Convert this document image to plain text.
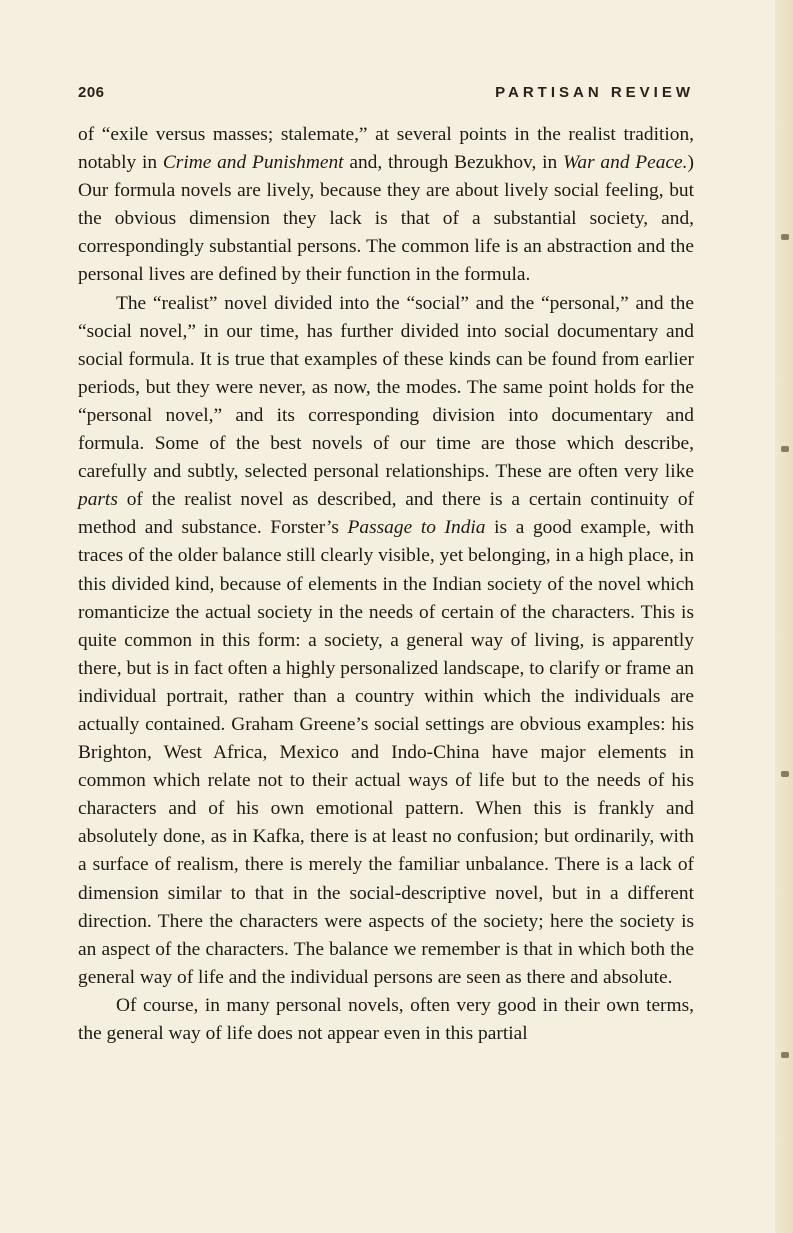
206	PARTISAN REVIEW

of “exile versus masses; stalemate,” at several points in the realist tradition, notably in Crime and Punishment and, through Bezukhov, in War and Peace.) Our formula novels are lively, because they are about lively social feeling, but the obvious dimension they lack is that of a substantial society, and, correspondingly substantial persons. The common life is an abstraction and the personal lives are defined by their function in the formula.

The “realist” novel divided into the “social” and the “personal,” and the “social novel,” in our time, has further divided into social documentary and social formula. It is true that examples of these kinds can be found from earlier periods, but they were never, as now, the modes. The same point holds for the “personal novel,” and its corresponding division into documentary and formula. Some of the best novels of our time are those which describe, carefully and subtly, selected personal relationships. These are often very like parts of the realist novel as described, and there is a certain continuity of method and substance. Forster’s Passage to India is a good example, with traces of the older balance still clearly visible, yet belonging, in a high place, in this divided kind, because of elements in the Indian society of the novel which romanticize the actual society in the needs of certain of the characters. This is quite common in this form: a society, a general way of living, is apparently there, but is in fact often a highly personalized landscape, to clarify or frame an individual portrait, rather than a country within which the individuals are actually contained. Graham Greene’s social settings are obvious examples: his Brighton, West Africa, Mexico and Indo-China have major elements in common which relate not to their actual ways of life but to the needs of his characters and of his own emotional pattern. When this is frankly and absolutely done, as in Kafka, there is at least no confusion; but ordinarily, with a surface of realism, there is merely the familiar unbalance. There is a lack of dimension similar to that in the social-descriptive novel, but in a different direction. There the characters were aspects of the society; here the society is an aspect of the characters. The balance we remember is that in which both the general way of life and the individual persons are seen as there and absolute.

Of course, in many personal novels, often very good in their own terms, the general way of life does not appear even in this partial
